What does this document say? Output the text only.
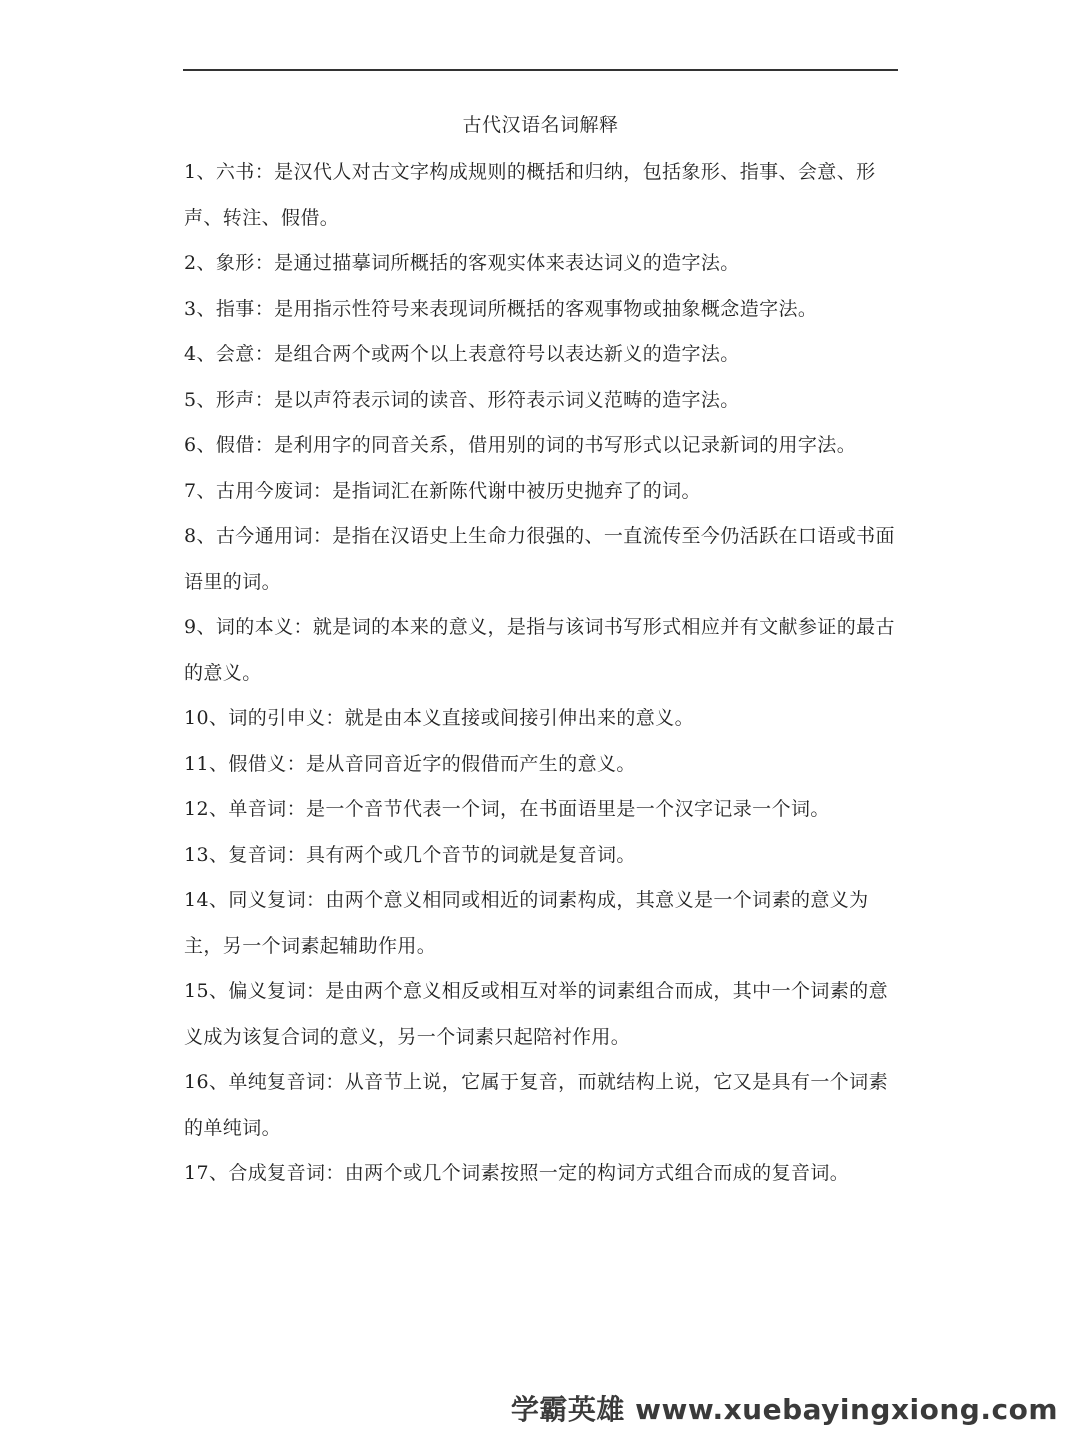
古代汉语名词解释
1、六书：是汉代人对古文字构成规则的概括和归纳，包括象形、指事、会意、形声、转注、假借。
2、象形：是通过描摹词所概括的客观实体来表达词义的造字法。
3、指事：是用指示性符号来表现词所概括的客观事物或抽象概念造字法。
4、会意：是组合两个或两个以上表意符号以表达新义的造字法。
5、形声：是以声符表示词的读音、形符表示词义范畴的造字法。
6、假借：是利用字的同音关系，借用别的词的书写形式以记录新词的用字法。
7、古用今废词：是指词汇在新陈代谢中被历史抛弃了的词。
8、古今通用词：是指在汉语史上生命力很强的、一直流传至今仍活跃在口语或书面语里的词。
9、词的本义：就是词的本来的意义，是指与该词书写形式相应并有文献参证的最古的意义。
10、词的引申义：就是由本义直接或间接引伸出来的意义。
11、假借义：是从音同音近字的假借而产生的意义。
12、单音词：是一个音节代表一个词，在书面语里是一个汉字记录一个词。
13、复音词：具有两个或几个音节的词就是复音词。
14、同义复词：由两个意义相同或相近的词素构成，其意义是一个词素的意义为主，另一个词素起辅助作用。
15、偏义复词：是由两个意义相反或相互对举的词素组合而成，其中一个词素的意义成为该复合词的意义，另一个词素只起陪衬作用。
16、单纯复音词：从音节上说，它属于复音，而就结构上说，它又是具有一个词素的单纯词。
17、合成复音词：由两个或几个词素按照一定的构词方式组合而成的复音词。
学霸英雄 www.xuebayingxiong.com
